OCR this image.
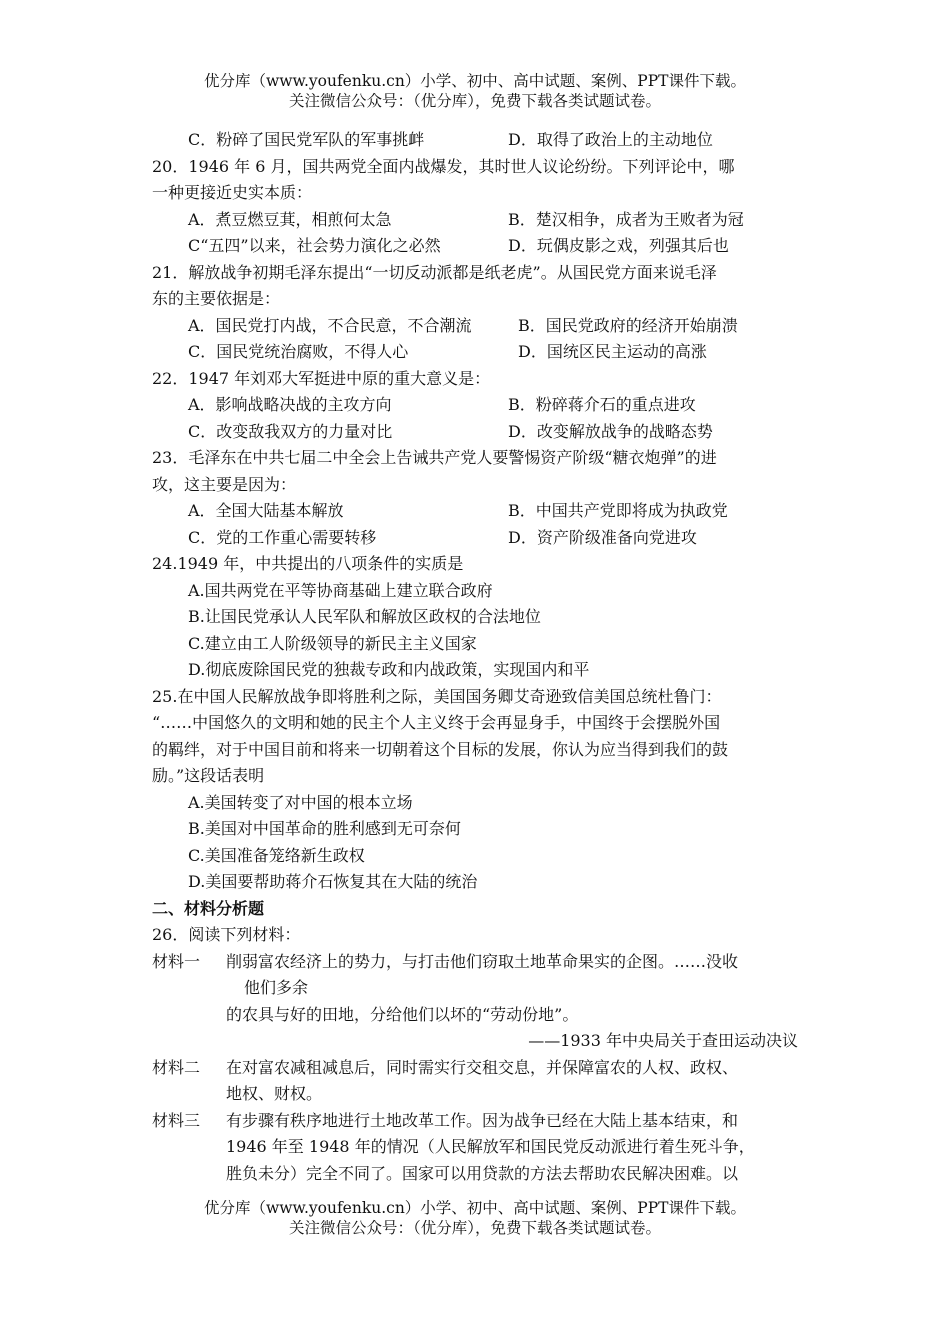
优分库（www.youfenku.cn）小学、初中、高中试题、案例、PPT课件下载。
关注微信公众号：（优分库），免费下载各类试题试卷。
C．粉碎了国民党军队的军事挑衅	D．取得了政治上的主动地位
20．1946 年 6 月，国共两党全面内战爆发，其时世人议论纷纷。下列评论中，哪
一种更接近史实本质：
A．煮豆燃豆萁，相煎何太急	B．楚汉相争，成者为王败者为冠
C“五四”以来，社会势力演化之必然	D．玩偶皮影之戏，列强其后也
21．解放战争初期毛泽东提出“一切反动派都是纸老虎”。从国民党方面来说毛泽
东的主要依据是：
A．国民党打内战，不合民意，不合潮流	B．国民党政府的经济开始崩溃
C．国民党统治腐败，不得人心	D．国统区民主运动的高涨
22．1947 年刘邓大军挺进中原的重大意义是：
A．影响战略决战的主攻方向	B．粉碎蒋介石的重点进攻
C．改变敌我双方的力量对比	D．改变解放战争的战略态势
23．毛泽东在中共七届二中全会上告诫共产党人要警惕资产阶级“糖衣炮弹”的进
攻，这主要是因为：
A．全国大陆基本解放	B．中国共产党即将成为执政党
C．党的工作重心需要转移	D．资产阶级准备向党进攻
24.1949 年，中共提出的八项条件的实质是
A.国共两党在平等协商基础上建立联合政府
B.让国民党承认人民军队和解放区政权的合法地位
C.建立由工人阶级领导的新民主主义国家
D.彻底废除国民党的独裁专政和内战政策，实现国内和平
25.在中国人民解放战争即将胜利之际，美国国务卿艾奇逊致信美国总统杜鲁门：
“……中国悠久的文明和她的民主个人主义终于会再显身手，中国终于会摆脱外国
的羁绊，对于中国目前和将来一切朝着这个目标的发展，你认为应当得到我们的鼓
励。”这段话表明
A.美国转变了对中国的根本立场
B.美国对中国革命的胜利感到无可奈何
C.美国准备笼络新生政权
D.美国要帮助蒋介石恢复其在大陆的统治
二、材料分析题
26．阅读下列材料：
材料一 削弱富农经济上的势力，与打击他们窃取土地革命果实的企图。……没收
他们多余
的农具与好的田地，分给他们以坏的“劳动份地”。
——1933 年中央局关于查田运动决议
材料二 在对富农减租减息后，同时需实行交租交息，并保障富农的人权、政权、
地权、财权。
材料三 有步骤有秩序地进行土地改革工作。因为战争已经在大陆上基本结束，和
1946 年至 1948 年的情况（人民解放军和国民党反动派进行着生死斗争，
胜负未分）完全不同了。国家可以用贷款的方法去帮助农民解决困难。以
优分库（www.youfenku.cn）小学、初中、高中试题、案例、PPT课件下载。
关注微信公众号：（优分库），免费下载各类试题试卷。
